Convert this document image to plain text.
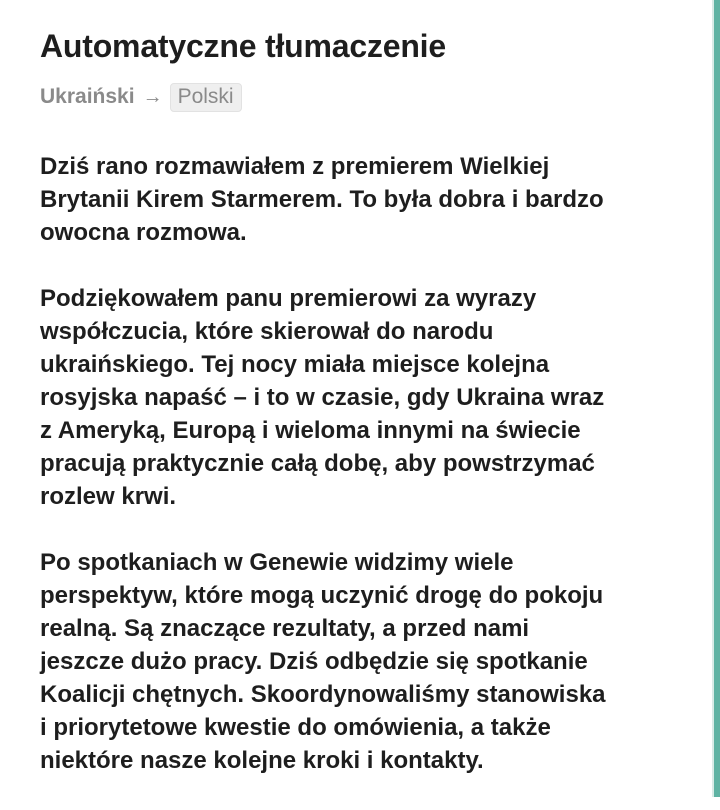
Automatyczne tłumaczenie
Ukraiński → Polski

Dziś rano rozmawiałem z premierem Wielkiej
Brytanii Kirem Starmerem. To była dobra i bardzo
owocna rozmowa.

Podziękowałem panu premierowi za wyrazy
współczucia, które skierował do narodu
ukraińskiego. Tej nocy miała miejsce kolejna
rosyjska napaść – i to w czasie, gdy Ukraina wraz
z Ameryką, Europą i wieloma innymi na świecie
pracują praktycznie całą dobę, aby powstrzymać
rozlew krwi.

Po spotkaniach w Genewie widzimy wiele
perspektyw, które mogą uczynić drogę do pokoju
realną. Są znaczące rezultaty, a przed nami
jeszcze dużo pracy. Dziś odbędzie się spotkanie
Koalicji chętnych. Skoordynowaliśmy stanowiska
i priorytetowe kwestie do omówienia, a także
niektóre nasze kolejne kroki i kontakty.
